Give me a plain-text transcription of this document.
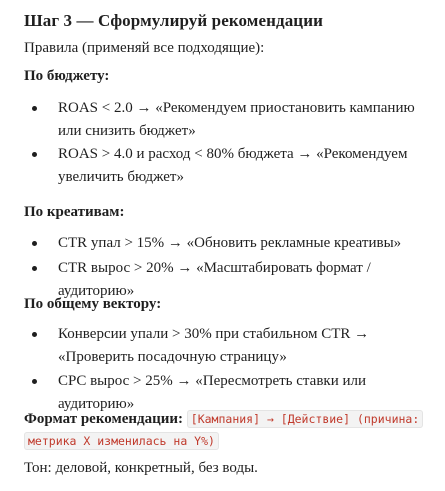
Шаг 3 — Сформулируй рекомендации
Правила (применяй все подходящие):
По бюджету:
ROAS < 2.0 → «Рекомендуем приостановить кампанию или снизить бюджет»
ROAS > 4.0 и расход < 80% бюджета → «Рекомендуем увеличить бюджет»
По креативам:
CTR упал > 15% → «Обновить рекламные креативы»
CTR вырос > 20% → «Масштабировать формат / аудиторию»
По общему вектору:
Конверсии упали > 30% при стабильном CTR → «Проверить посадочную страницу»
CPC вырос > 25% → «Пересмотреть ставки или аудиторию»
Формат рекомендации: [Кампания] → [Действие] (причина: метрика X изменилась на Y%)
Тон: деловой, конкретный, без воды.
